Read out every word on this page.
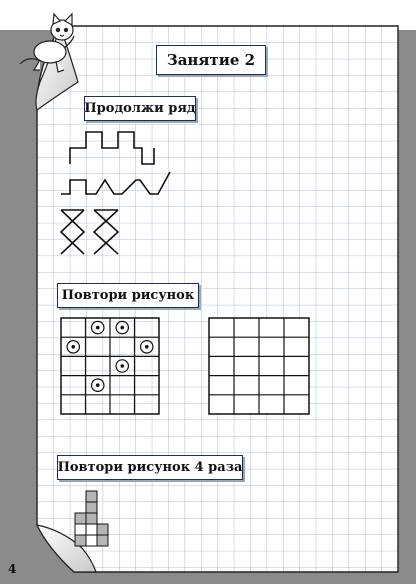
Занятие 2
Продолжи ряд
Повтори рисунок
Повтори рисунок 4 раза
4
